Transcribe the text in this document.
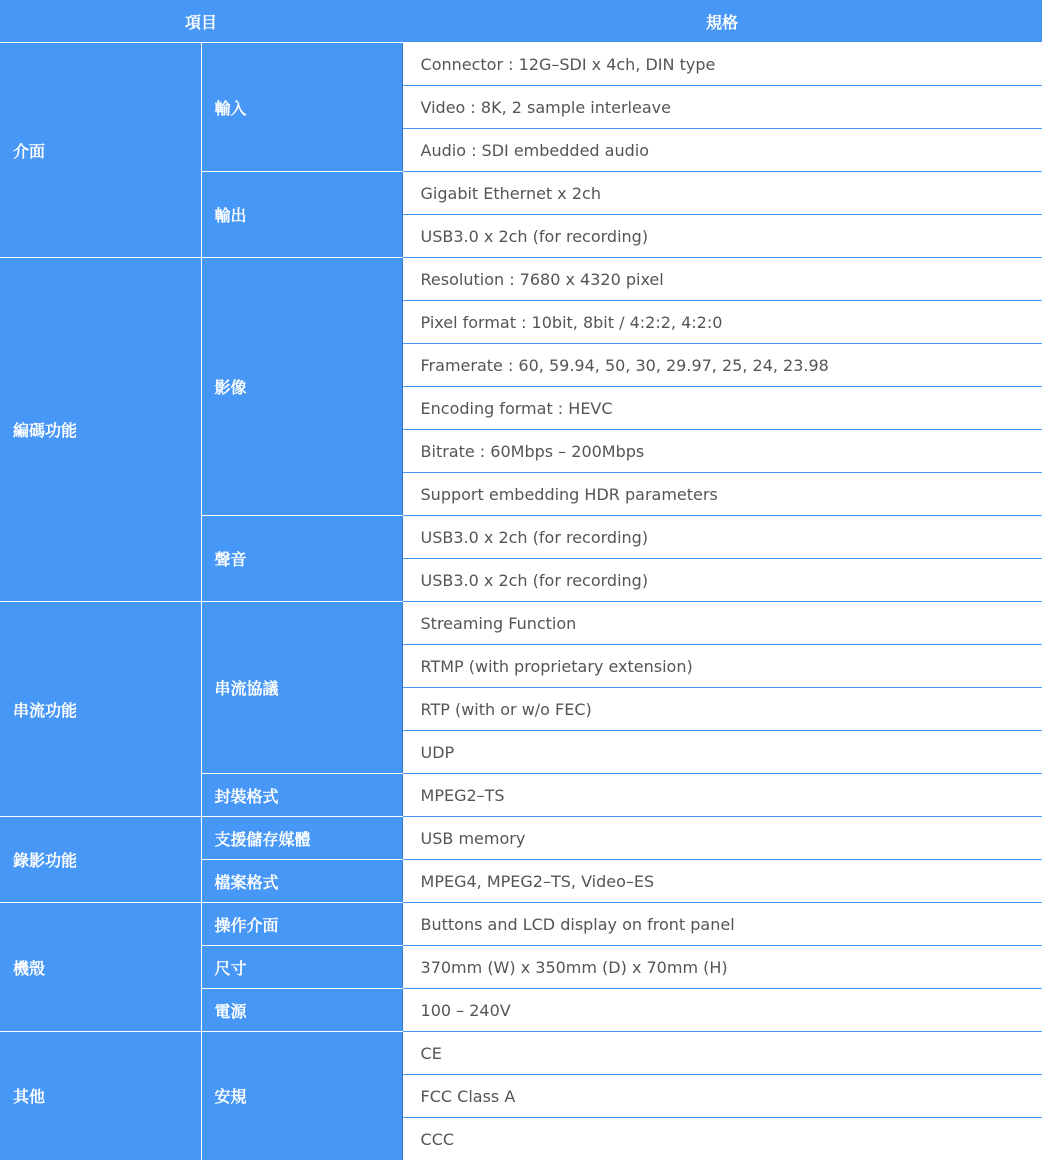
項目		規格
介面	輸入	Connector : 12G–SDI x 4ch, DIN type
		Video : 8K, 2 sample interleave
		Audio : SDI embedded audio
	輸出	Gigabit Ethernet x 2ch
		USB3.0 x 2ch (for recording)
編碼功能	影像	Resolution : 7680 x 4320 pixel
		Pixel format : 10bit, 8bit / 4:2:2, 4:2:0
		Framerate : 60, 59.94, 50, 30, 29.97, 25, 24, 23.98
		Encoding format : HEVC
		Bitrate : 60Mbps – 200Mbps
		Support embedding HDR parameters
	聲音	USB3.0 x 2ch (for recording)
		USB3.0 x 2ch (for recording)
串流功能	串流協議	Streaming Function
		RTMP (with proprietary extension)
		RTP (with or w/o FEC)
		UDP
	封裝格式	MPEG2–TS
錄影功能	支援儲存媒體	USB memory
	檔案格式	MPEG4, MPEG2–TS, Video–ES
機殼	操作介面	Buttons and LCD display on front panel
	尺寸	370mm (W) x 350mm (D) x 70mm (H)
	電源	100 – 240V
其他	安規	CE
		FCC Class A
		CCC
